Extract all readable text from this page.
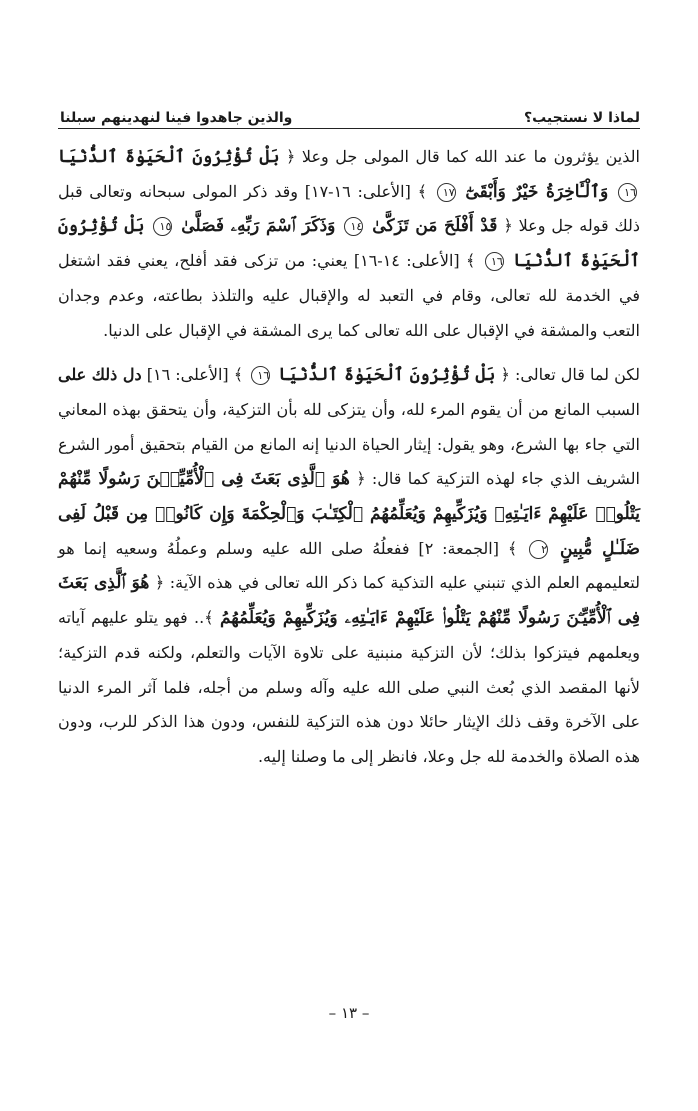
لماذا لا نستجيب؟
والذين جاهدوا فينا لنهدينهم سبلنا

الذين يؤثرون ما عند الله كما قال المولى جل وعلا ﴿ بَلْ تُؤْثِرُونَ ٱلْحَيَوٰةَ ٱلدُّنْيَا ١٦ وَٱلْـَٔاخِرَةُ خَيْرٌ وَأَبْقَىٰٓ ١٧ ﴾ [الأعلى: ١٦-١٧] وقد ذكر المولى سبحانه وتعالى قبل ذلك قوله جل وعلا ﴿ قَدْ أَفْلَحَ مَن تَزَكَّىٰ ١٤ وَذَكَرَ ٱسْمَ رَبِّهِۦ فَصَلَّىٰ ١٥ بَلْ تُؤْثِرُونَ ٱلْحَيَوٰةَ ٱلدُّنْيَا ١٦ ﴾ [الأعلى: ١٤-١٦] يعني: من تزكى فقد أفلح، يعني فقد اشتغل في الخدمة لله تعالى، وقام في التعبد له والإقبال عليه والتلذذ بطاعته، وعدم وجدان التعب والمشقة في الإقبال على الله تعالى كما يرى المشقة في الإقبال على الدنيا.

لكن لما قال تعالى: ﴿ بَلْ تُؤْثِرُونَ ٱلْحَيَوٰةَ ٱلدُّنْيَا ١٦ ﴾ [الأعلى: ١٦] دل ذلك على السبب المانع من أن يقوم المرء لله، وأن يتزكى لله بأن التزكية، وأن يتحقق بهذه المعاني التي جاء بها الشرع، وهو يقول: إيثار الحياة الدنيا إنه المانع من القيام بتحقيق أمور الشرع الشريف الذي جاء لهذه التزكية كما قال: ﴿ هُوَ ٱلَّذِى بَعَثَ فِى ٱلْأُمِّيِّـۧنَ رَسُولًا مِّنْهُمْ يَتْلُوا۟ عَلَيْهِمْ ءَايَـٰتِهِۦ وَيُزَكِّيهِمْ وَيُعَلِّمُهُمُ ٱلْكِتَـٰبَ وَٱلْحِكْمَةَ وَإِن كَانُوا۟ مِن قَبْلُ لَفِى ضَلَـٰلٍ مُّبِينٍ ٢ ﴾ [الجمعة: ٢] ففعلُهُ صلى الله عليه وسلم وعملُهُ وسعيه إنما هو لتعليمهم العلم الذي تنبني عليه التذكية كما ذكر الله تعالى في هذه الآية: ﴿ هُوَ ٱلَّذِى بَعَثَ فِى ٱلْأُمِّيِّـۧنَ رَسُولًا مِّنْهُمْ يَتْلُوا۟ عَلَيْهِمْ ءَايَـٰتِهِۦ وَيُزَكِّيهِمْ وَيُعَلِّمُهُمُ ﴾.. فهو يتلو عليهم آياته ويعلمهم فيتزكوا بذلك؛ لأن التزكية منبنية على تلاوة الآيات والتعلم، ولكنه قدم التزكية؛ لأنها المقصد الذي بُعث النبي صلى الله عليه وآله وسلم من أجله، فلما آثر المرء الدنيا على الآخرة وقف ذلك الإيثار حائلا دون هذه التزكية للنفس، ودون هذا الذكر للرب، ودون هذه الصلاة والخدمة لله جل وعلا، فانظر إلى ما وصلنا إليه.

– ١٣ –
